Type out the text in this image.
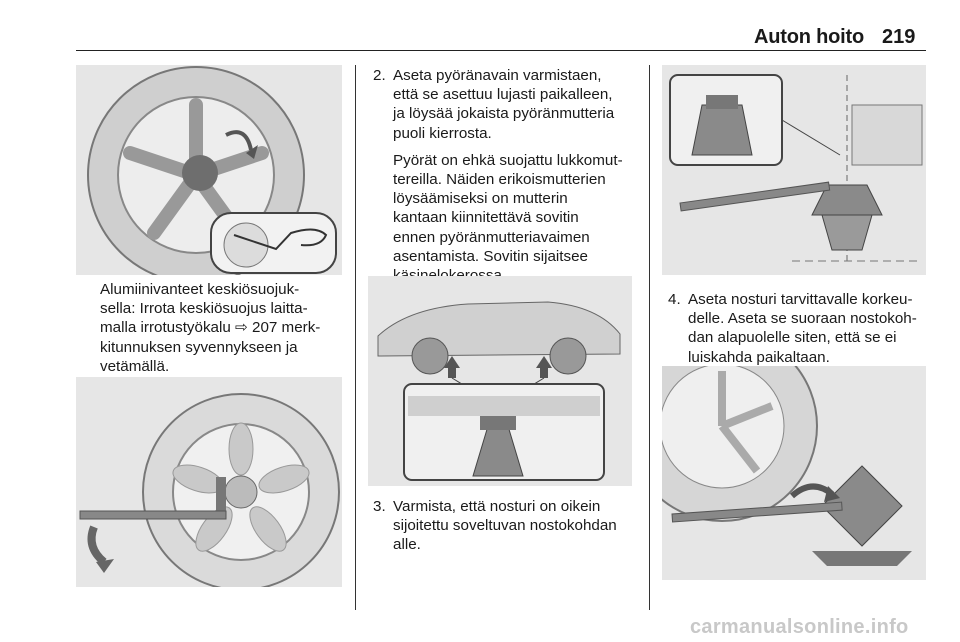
Auton hoito 219

Alumiinivanteet keskiösuojuk-

sella: Irrota keskiösuojus laitta-

malla irrotustyökalu ⇨ 207 merk-

kitunnuksen syvennykseen ja

vetämällä.

2. Aseta pyöränavain varmistaen,

että se asettuu lujasti paikalleen,

ja löysää jokaista pyöränmutteria

puoli kierrosta.

Pyörät on ehkä suojattu lukkomut-

tereilla. Näiden erikoismutterien

löysäämiseksi on mutterin

kantaan kiinnitettävä sovitin

ennen pyöränmutteriavaimen

asentamista. Sovitin sijaitsee

3. Varmista, että nosturi on oikein

sijoitettu soveltuvan nostokohdan

alle.

4. Aseta nosturi tarvittavalle korkeu-

delle. Aseta se suoraan nostokoh-

dan alapuolelle siten, että se ei

luiskahda paikaltaan.

carmanualsonline.info
